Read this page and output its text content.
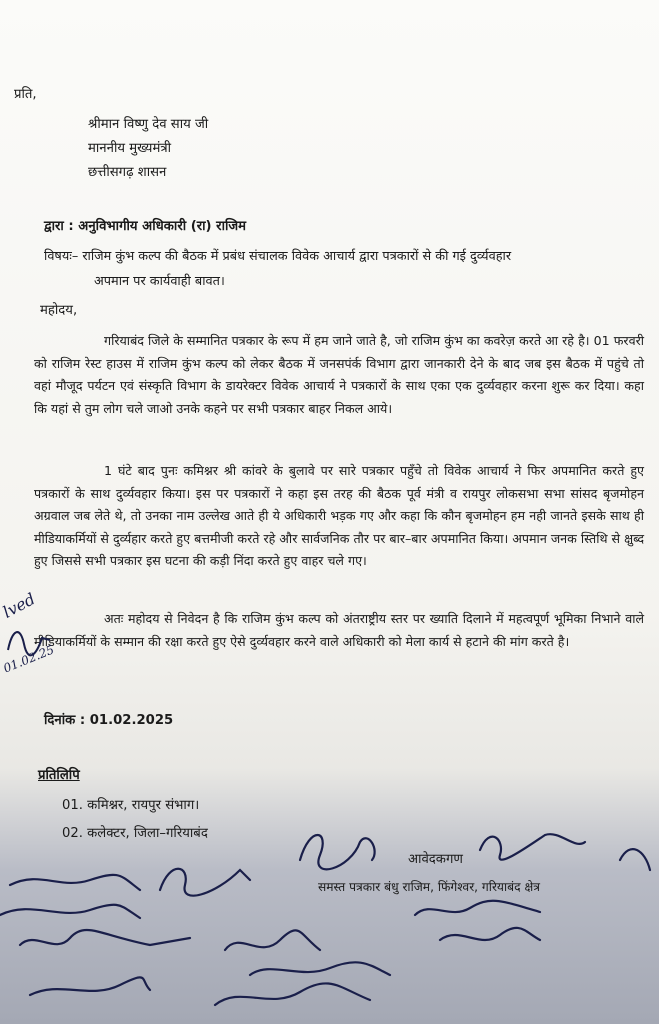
प्रति,
श्रीमान विष्णु देव साय जी
माननीय मुख्यमंत्री
छत्तीसगढ़ शासन
द्वारा : अनुविभागीय अधिकारी (रा) राजिम
विषयः– राजिम कुंभ कल्प की बैठक में प्रबंध संचालक विवेक आचार्य द्वारा पत्रकारों से की गई दुर्व्यवहार
अपमान पर कार्यवाही बावत।
महोदय,
गरियाबंद जिले के सम्मानित पत्रकार के रूप में हम जाने जाते है, जो राजिम कुंभ का कवरेज़ करते आ रहे है। 01 फरवरी को राजिम रेस्ट हाउस में राजिम कुंभ कल्प को लेकर बैठक में जनसपंर्क विभाग द्वारा जानकारी देने के बाद जब इस बैठक में पहुंचे तो वहां मौजूद पर्यटन एवं संस्कृति विभाग के डायरेक्टर विवेक आचार्य ने पत्रकारों के साथ एका एक दुर्व्यवहार करना शुरू कर दिया। कहा कि यहां से तुम लोग चले जाओ उनके कहने पर सभी पत्रकार बाहर निकल आये।
1 घंटे बाद पुनः कमिश्नर श्री कांवरे के बुलावे पर सारे पत्रकार पहुँचे तो विवेक आचार्य ने फिर अपमानित करते हुए पत्रकारों के साथ दुर्व्यवहार किया। इस पर पत्रकारों ने कहा इस तरह की बैठक पूर्व मंत्री व रायपुर लोकसभा सभा सांसद बृजमोहन अग्रवाल जब लेते थे, तो उनका नाम उल्लेख आते ही ये अधिकारी भड़क गए और कहा कि कौन बृजमोहन हम नही जानते इसके साथ ही मीडियाकर्मियों से दुर्व्यहार करते हुए बत्तमीजी करते रहे और सार्वजनिक तौर पर बार–बार अपमानित किया। अपमान जनक स्तिथि से क्षुब्द हुए जिससे सभी पत्रकार इस घटना की कड़ी निंदा करते हुए वाहर चले गए।
अतः महोदय से निवेदन है कि राजिम कुंभ कल्प को अंतराष्ट्रीय स्तर पर ख्याति दिलाने में महत्वपूर्ण भूमिका निभाने वाले मीडियाकर्मियों के सम्मान की रक्षा करते हुए ऐसे दुर्व्यवहार करने वाले अधिकारी को मेला कार्य से हटाने की मांग करते है।
दिनांक : 01.02.2025
प्रतिलिपि
01. कमिश्नर, रायपुर संभाग।
02. कलेक्टर, जिला–गरियाबंद
आवेदकगण
समस्त पत्रकार बंधु राजिम, फिंगेश्वर, गरियाबंद क्षेत्र
lved
01.02.25
